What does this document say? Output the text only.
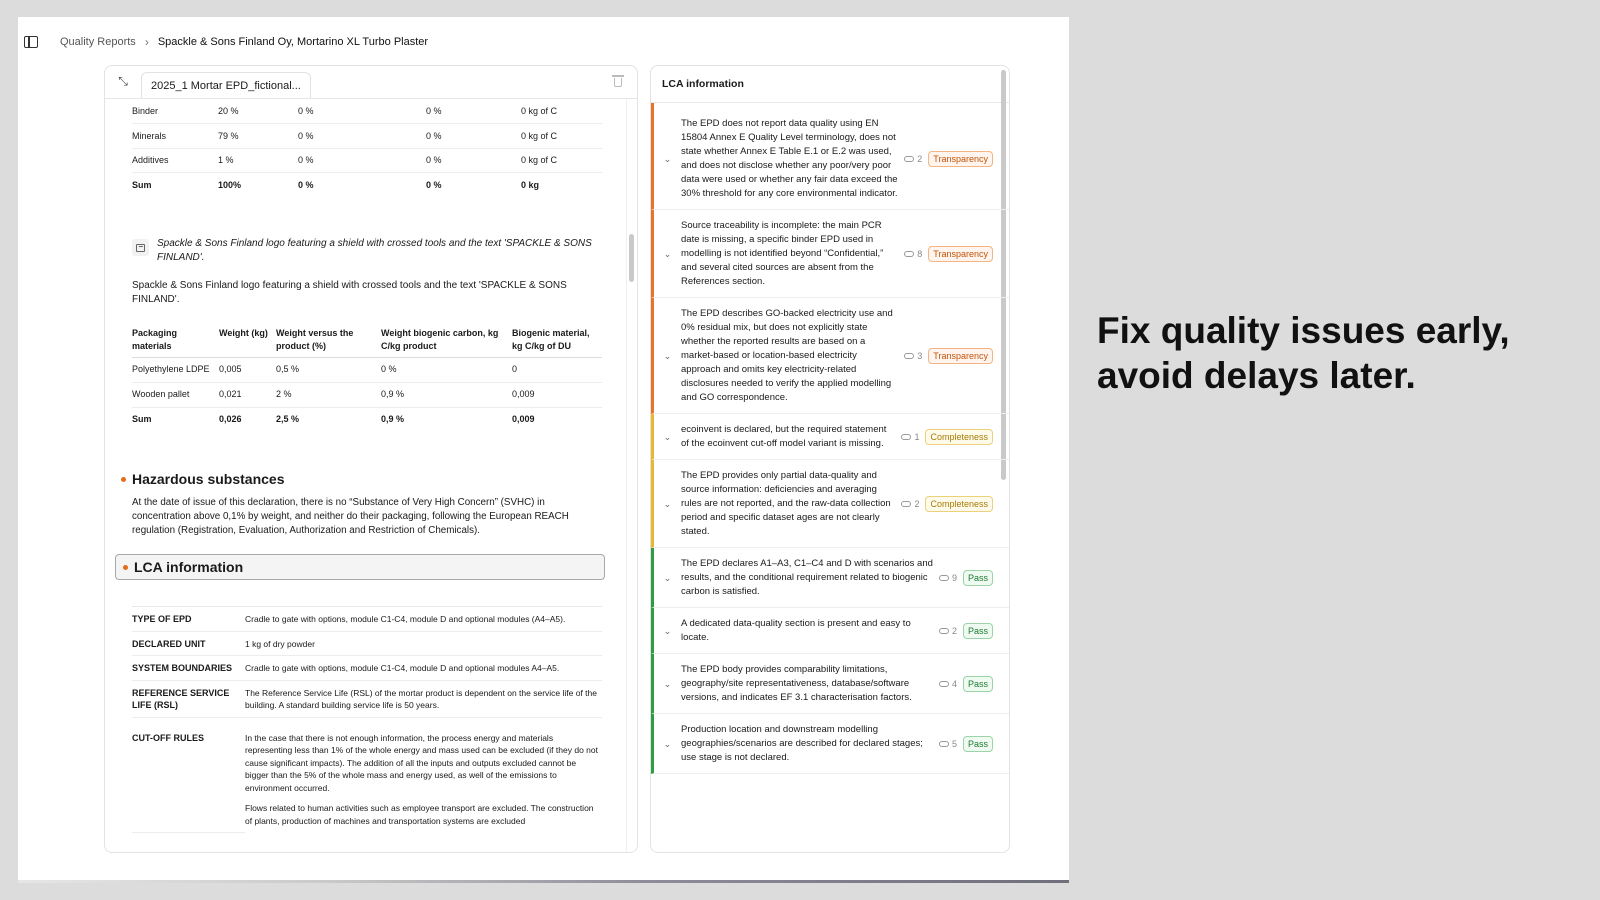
Quality Reports › Spackle & Sons Finland Oy, Mortarino XL Turbo Plaster
⤡	2025_1 Mortar EPD_fictional...
Binder	20 %	0 %	0 %	0 kg of C
Minerals	79 %	0 %	0 %	0 kg of C
Additives	1 %	0 %	0 %	0 kg of C
Sum	100%	0 %	0 %	0 kg
Spackle & Sons Finland logo featuring a shield with crossed tools and the text 'SPACKLE & SONS FINLAND'.
Spackle & Sons Finland logo featuring a shield with crossed tools and the text 'SPACKLE & SONS FINLAND'.
Packaging materials	Weight (kg)	Weight versus the product (%)	Weight biogenic carbon, kg C/kg product	Biogenic material, kg C/kg of DU
Polyethylene LDPE	0,005	0,5 %	0 %	0
Wooden pallet	0,021	2 %	0,9 %	0,009
Sum	0,026	2,5 %	0,9 %	0,009
Hazardous substances
At the date of issue of this declaration, there is no “Substance of Very High Concern” (SVHC) in concentration above 0,1% by weight, and neither do their packaging, following the European REACH regulation (Registration, Evaluation, Authorization and Restriction of Chemicals).
LCA information
TYPE OF EPD	Cradle to gate with options, module C1-C4, module D and optional modules (A4–A5).
DECLARED UNIT	1 kg of dry powder
SYSTEM BOUNDARIES	Cradle to gate with options, module C1-C4, module D and optional modules A4–A5.
REFERENCE SERVICE LIFE (RSL)	The Reference Service Life (RSL) of the mortar product is dependent on the service life of the building. A standard building service life is 50 years.
CUT-OFF RULES	In the case that there is not enough information, the process energy and materials representing less than 1% of the whole energy and mass used can be excluded (if they do not cause significant impacts). The addition of all the inputs and outputs excluded cannot be bigger than the 5% of the whole mass and energy used, as well of the emissions to environment occurred.
Flows related to human activities such as employee transport are excluded. The construction of plants, production of machines and transportation systems are excluded
LCA information
⌄
The EPD does not report data quality using EN 15804 Annex E Quality Level terminology, does not state whether Annex E Table E.1 or E.2 was used, and does not disclose whether any poor/very poor data were used or whether any fair data exceed the 30% threshold for any core environmental indicator.
2	Transparency
⌄
Source traceability is incomplete: the main PCR date is missing, a specific binder EPD used in modelling is not identified beyond “Confidential,” and several cited sources are absent from the References section.
8	Transparency
⌄
The EPD describes GO-backed electricity use and 0% residual mix, but does not explicitly state whether the reported results are based on a market-based or location-based electricity approach and omits key electricity-related disclosures needed to verify the applied modelling and GO correspondence.
3	Transparency
⌄
ecoinvent is declared, but the required statement of the ecoinvent cut-off model variant is missing.
1	Completeness
⌄
The EPD provides only partial data-quality and source information: deficiencies and averaging rules are not reported, and the raw-data collection period and specific dataset ages are not clearly stated.
2	Completeness
⌄
The EPD declares A1–A3, C1–C4 and D with scenarios and results, and the conditional requirement related to biogenic carbon is satisfied.
9	Pass
⌄
A dedicated data-quality section is present and easy to locate.
2	Pass
⌄
The EPD body provides comparability limitations, geography/site representativeness, database/software versions, and indicates EF 3.1 characterisation factors.
4	Pass
⌄
Production location and downstream modelling geographies/scenarios are described for declared stages; use stage is not declared.
5	Pass
Fix quality issues early,
avoid delays later.
